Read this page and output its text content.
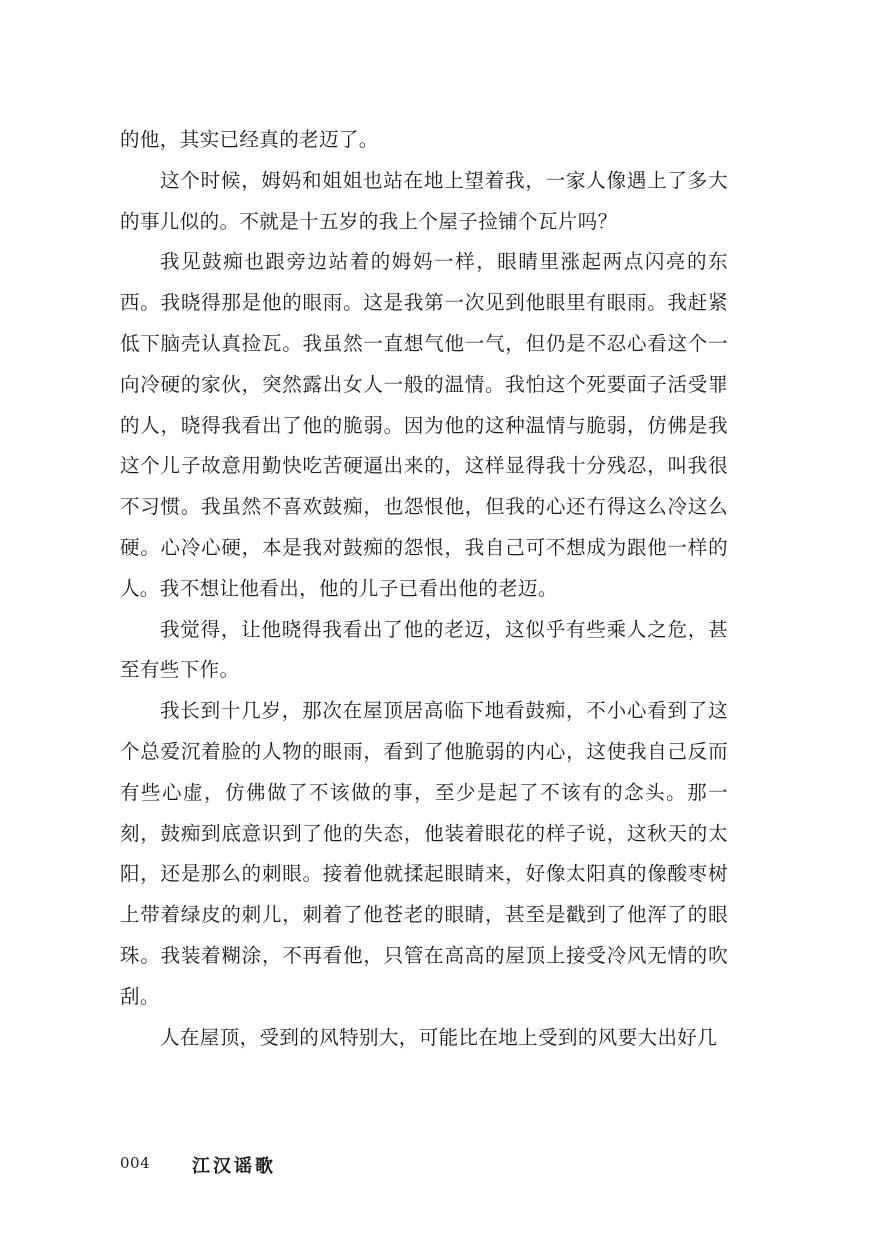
的他，其实已经真的老迈了。

这个时候，姆妈和姐姐也站在地上望着我，一家人像遇上了多大的事儿似的。不就是十五岁的我上个屋子捡铺个瓦片吗？

我见鼓痴也跟旁边站着的姆妈一样，眼睛里涨起两点闪亮的东西。我晓得那是他的眼雨。这是我第一次见到他眼里有眼雨。我赶紧低下脑壳认真捡瓦。我虽然一直想气他一气，但仍是不忍心看这个一向冷硬的家伙，突然露出女人一般的温情。我怕这个死要面子活受罪的人，晓得我看出了他的脆弱。因为他的这种温情与脆弱，仿佛是我这个儿子故意用勤快吃苦硬逼出来的，这样显得我十分残忍，叫我很不习惯。我虽然不喜欢鼓痴，也怨恨他，但我的心还冇得这么冷这么硬。心冷心硬，本是我对鼓痴的怨恨，我自己可不想成为跟他一样的人。我不想让他看出，他的儿子已看出他的老迈。

我觉得，让他晓得我看出了他的老迈，这似乎有些乘人之危，甚至有些下作。

我长到十几岁，那次在屋顶居高临下地看鼓痴，不小心看到了这个总爱沉着脸的人物的眼雨，看到了他脆弱的内心，这使我自己反而有些心虚，仿佛做了不该做的事，至少是起了不该有的念头。那一刻，鼓痴到底意识到了他的失态，他装着眼花的样子说，这秋天的太阳，还是那么的刺眼。接着他就揉起眼睛来，好像太阳真的像酸枣树上带着绿皮的刺儿，刺着了他苍老的眼睛，甚至是戳到了他浑了的眼珠。我装着糊涂，不再看他，只管在高高的屋顶上接受冷风无情的吹刮。

人在屋顶，受到的风特别大，可能比在地上受到的风要大出好几

004 江汉谣歌
